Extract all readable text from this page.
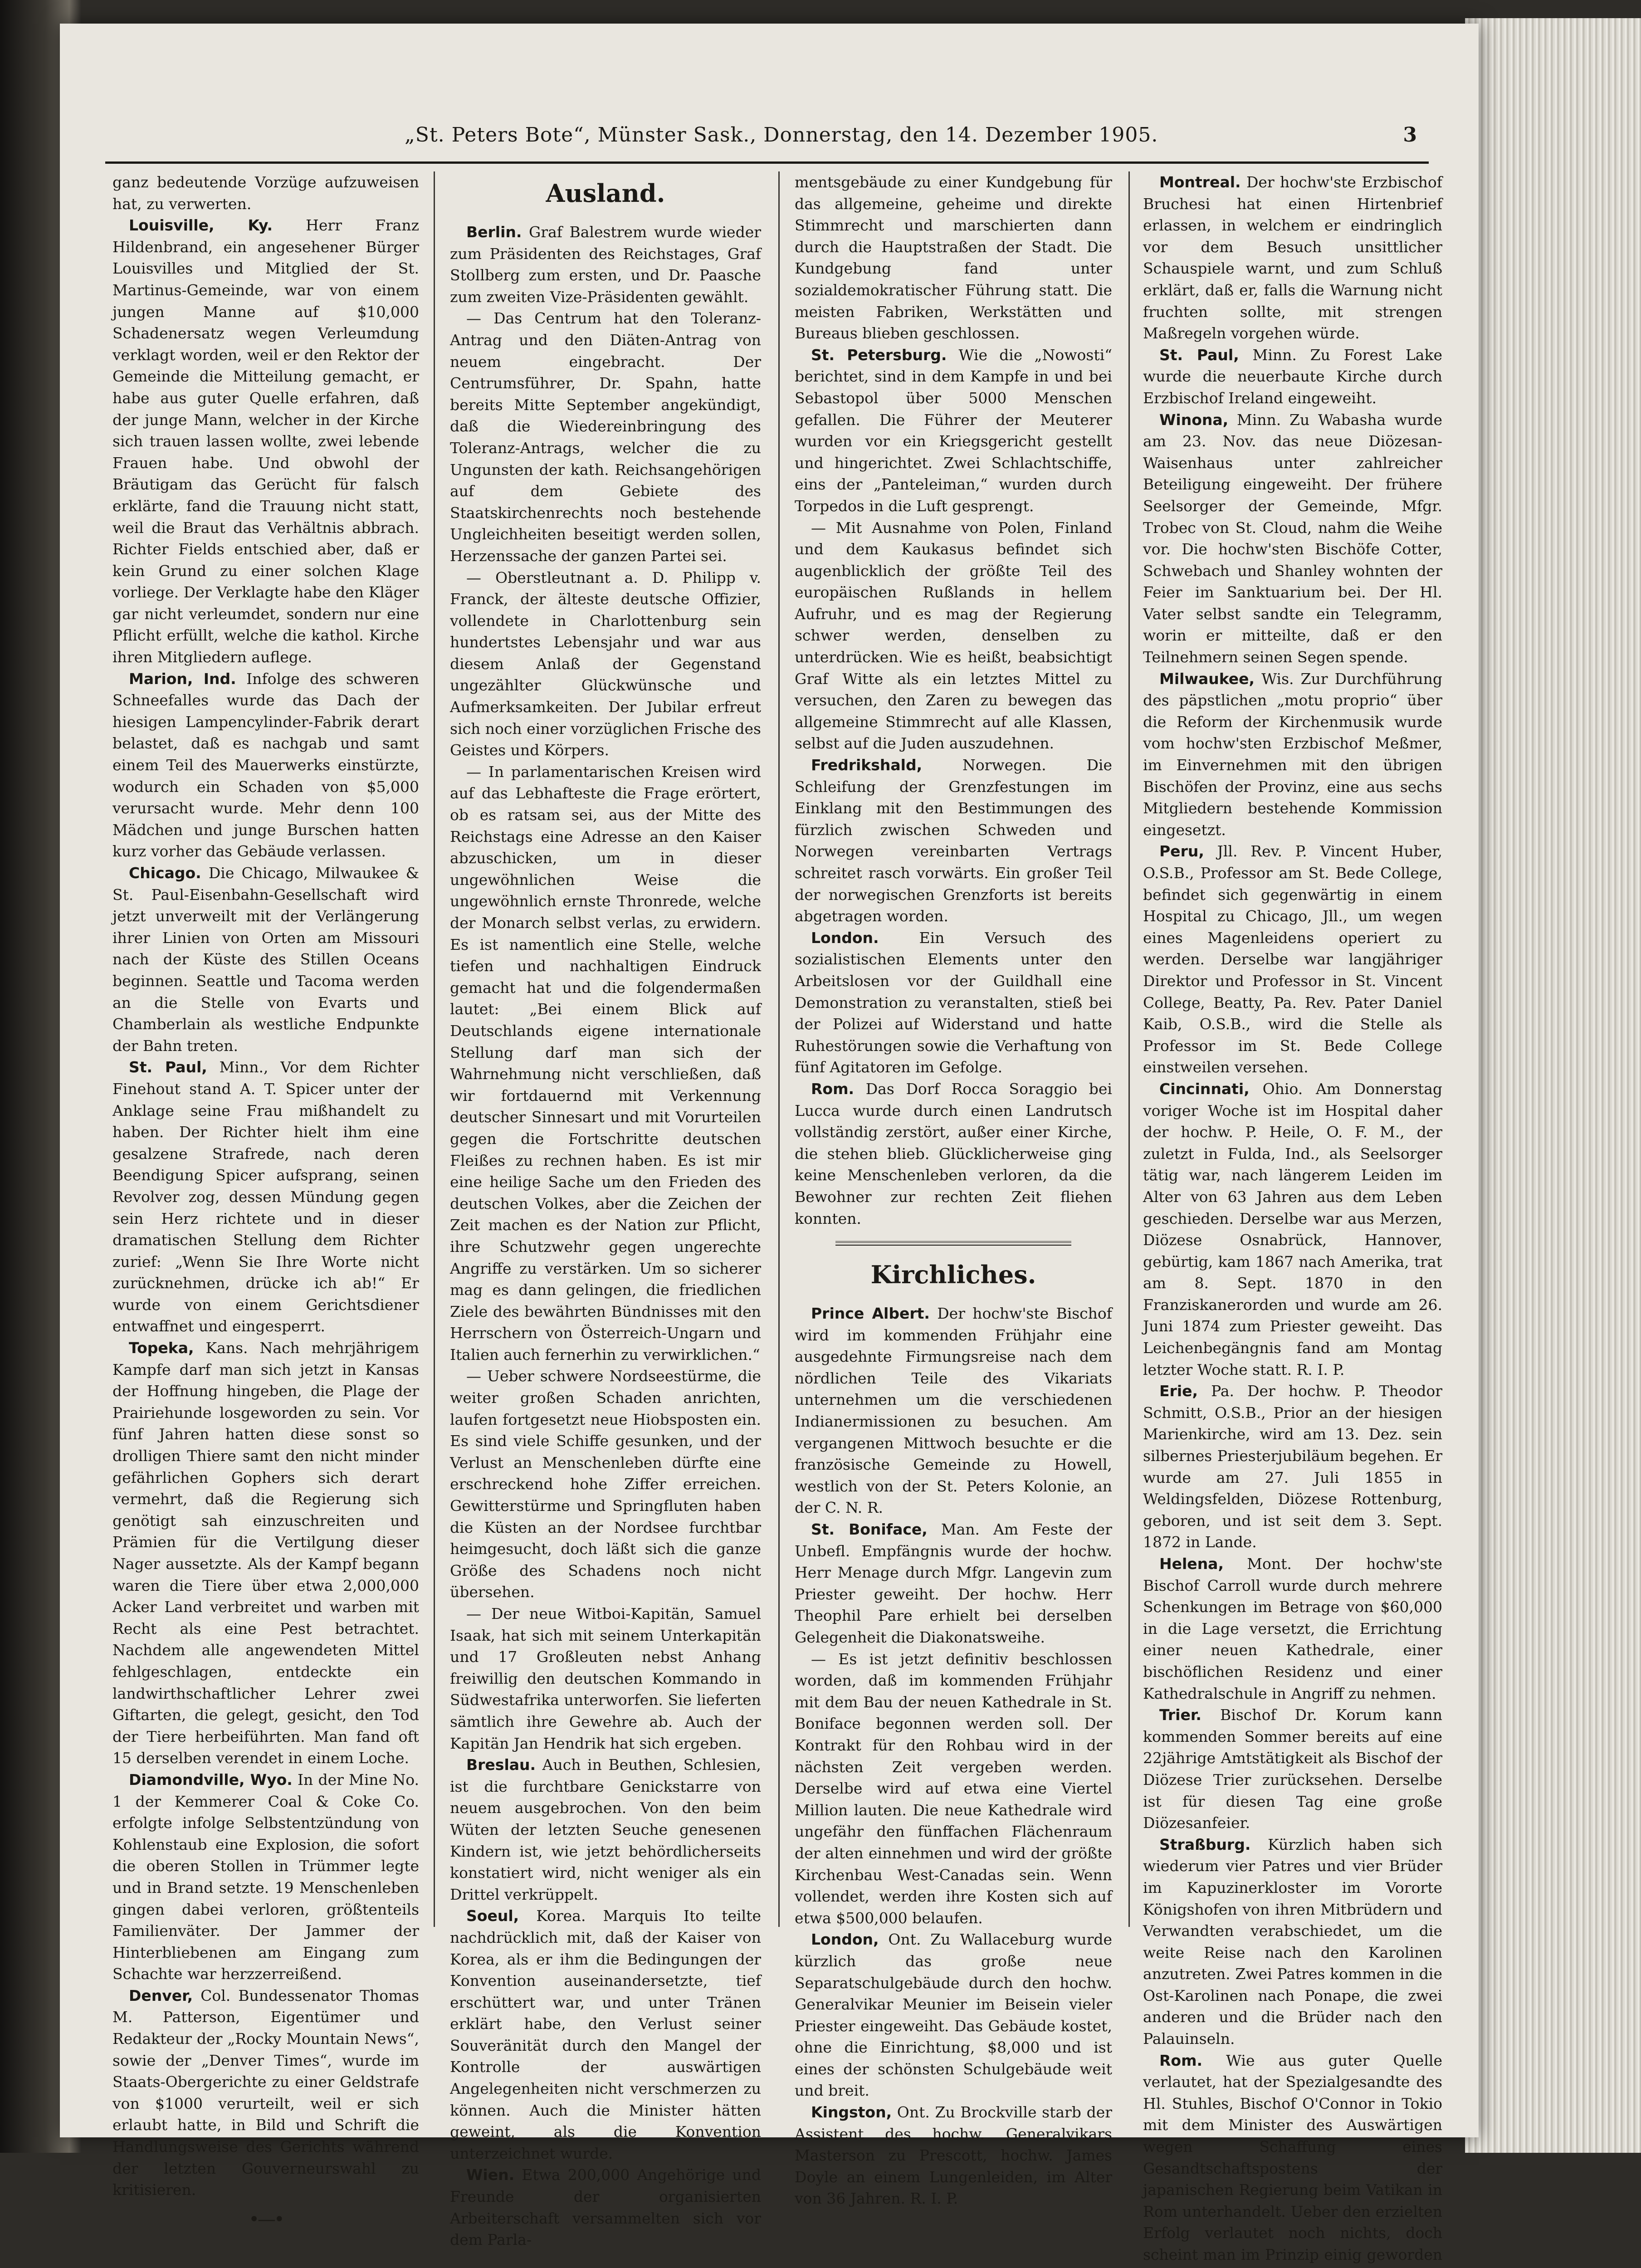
„St. Peters Bote“, Münster Sask., Donnerstag, den 14. Dezember 1905.	3

ganz bedeutende Vorzüge aufzuweisen hat, zu verwerten.

Louisville, Ky. Herr Franz Hildenbrand, ein angesehener Bürger Louisvilles und Mitglied der St. Martinus-Gemeinde, war von einem jungen Manne auf $10,000 Schadenersatz wegen Verleumdung verklagt worden, weil er den Rektor der Gemeinde die Mitteilung gemacht, er habe aus guter Quelle erfahren, daß der junge Mann, welcher in der Kirche sich trauen lassen wollte, zwei lebende Frauen habe. Und obwohl der Bräutigam das Gerücht für falsch erklärte, fand die Trauung nicht statt, weil die Braut das Verhältnis abbrach. Richter Fields entschied aber, daß er kein Grund zu einer solchen Klage vorliege. Der Verklagte habe den Kläger gar nicht verleumdet, sondern nur eine Pflicht erfüllt, welche die kathol. Kirche ihren Mitgliedern auflege.

Marion, Ind. Infolge des schweren Schneefalles wurde das Dach der hiesigen Lampencylinder-Fabrik derart belastet, daß es nachgab und samt einem Teil des Mauerwerks einstürzte, wodurch ein Schaden von $5,000 verursacht wurde. Mehr denn 100 Mädchen und junge Burschen hatten kurz vorher das Gebäude verlassen.

Chicago. Die Chicago, Milwaukee & St. Paul-Eisenbahn-Gesellschaft wird jetzt unverweilt mit der Verlängerung ihrer Linien von Orten am Missouri nach der Küste des Stillen Oceans beginnen. Seattle und Tacoma werden an die Stelle von Evarts und Chamberlain als westliche Endpunkte der Bahn treten.

St. Paul, Minn., Vor dem Richter Finehout stand A. T. Spicer unter der Anklage seine Frau mißhandelt zu haben. Der Richter hielt ihm eine gesalzene Strafrede, nach deren Beendigung Spicer aufsprang, seinen Revolver zog, dessen Mündung gegen sein Herz richtete und in dieser dramatischen Stellung dem Richter zurief: „Wenn Sie Ihre Worte nicht zurücknehmen, drücke ich ab!“ Er wurde von einem Gerichtsdiener entwaffnet und eingesperrt.

Topeka, Kans. Nach mehrjährigem Kampfe darf man sich jetzt in Kansas der Hoffnung hingeben, die Plage der Prairiehunde losgeworden zu sein. Vor fünf Jahren hatten diese sonst so drolligen Thiere samt den nicht minder gefährlichen Gophers sich derart vermehrt, daß die Regierung sich genötigt sah einzuschreiten und Prämien für die Vertilgung dieser Nager aussetzte. Als der Kampf begann waren die Tiere über etwa 2,000,000 Acker Land verbreitet und warben mit Recht als eine Pest betrachtet. Nachdem alle angewendeten Mittel fehlgeschlagen, entdeckte ein landwirthschaftlicher Lehrer zwei Giftarten, die gelegt, gesicht, den Tod der Tiere herbeiführten. Man fand oft 15 derselben verendet in einem Loche.

Diamondville, Wyo. In der Mine No. 1 der Kemmerer Coal & Coke Co. erfolgte infolge Selbstentzündung von Kohlenstaub eine Explosion, die sofort die oberen Stollen in Trümmer legte und in Brand setzte. 19 Menschenleben gingen dabei verloren, größtenteils Familienväter. Der Jammer der Hinterbliebenen am Eingang zum Schachte war herzzerreißend.

Denver, Col. Bundessenator Thomas M. Patterson, Eigentümer und Redakteur der „Rocky Mountain News“, sowie der „Denver Times“, wurde im Staats-Obergerichte zu einer Geldstrafe von $1000 verurteilt, weil er sich erlaubt hatte, in Bild und Schrift die Handlungsweise des Gerichts während der letzten Gouverneurswahl zu kritisieren.

•—•
Ausland.

Berlin. Graf Balestrem wurde wieder zum Präsidenten des Reichstages, Graf Stollberg zum ersten, und Dr. Paasche zum zweiten Vize-Präsidenten gewählt.

— Das Centrum hat den Toleranz-Antrag und den Diäten-Antrag von neuem eingebracht. Der Centrumsführer, Dr. Spahn, hatte bereits Mitte September angekündigt, daß die Wiedereinbringung des Toleranz-Antrags, welcher die zu Ungunsten der kath. Reichsangehörigen auf dem Gebiete des Staatskirchenrechts noch bestehende Ungleichheiten beseitigt werden sollen, Herzenssache der ganzen Partei sei.

— Oberstleutnant a. D. Philipp v. Franck, der älteste deutsche Offizier, vollendete in Charlottenburg sein hundertstes Lebensjahr und war aus diesem Anlaß der Gegenstand ungezählter Glückwünsche und Aufmerksamkeiten. Der Jubilar erfreut sich noch einer vorzüglichen Frische des Geistes und Körpers.

— In parlamentarischen Kreisen wird auf das Lebhafteste die Frage erörtert, ob es ratsam sei, aus der Mitte des Reichstags eine Adresse an den Kaiser abzuschicken, um in dieser ungewöhnlichen Weise die ungewöhnlich ernste Thronrede, welche der Monarch selbst verlas, zu erwidern. Es ist namentlich eine Stelle, welche tiefen und nachhaltigen Eindruck gemacht hat und die folgendermaßen lautet: „Bei einem Blick auf Deutschlands eigene internationale Stellung darf man sich der Wahrnehmung nicht verschließen, daß wir fortdauernd mit Verkennung deutscher Sinnesart und mit Vorurteilen gegen die Fortschritte deutschen Fleißes zu rechnen haben. Es ist mir eine heilige Sache um den Frieden des deutschen Volkes, aber die Zeichen der Zeit machen es der Nation zur Pflicht, ihre Schutzwehr gegen ungerechte Angriffe zu verstärken. Um so sicherer mag es dann gelingen, die friedlichen Ziele des bewährten Bündnisses mit den Herrschern von Österreich-Ungarn und Italien auch fernerhin zu verwirklichen.“

— Ueber schwere Nordseestürme, die weiter großen Schaden anrichten, laufen fortgesetzt neue Hiobsposten ein. Es sind viele Schiffe gesunken, und der Verlust an Menschenleben dürfte eine erschreckend hohe Ziffer erreichen. Gewitterstürme und Springfluten haben die Küsten an der Nordsee furchtbar heimgesucht, doch läßt sich die ganze Größe des Schadens noch nicht übersehen.

— Der neue Witboi-Kapitän, Samuel Isaak, hat sich mit seinem Unterkapitän und 17 Großleuten nebst Anhang freiwillig den deutschen Kommando in Südwestafrika unterworfen. Sie lieferten sämtlich ihre Gewehre ab. Auch der Kapitän Jan Hendrik hat sich ergeben.

Breslau. Auch in Beuthen, Schlesien, ist die furchtbare Genickstarre von neuem ausgebrochen. Von den beim Wüten der letzten Seuche genesenen Kindern ist, wie jetzt behördlicherseits konstatiert wird, nicht weniger als ein Drittel verkrüppelt.

Soeul, Korea. Marquis Ito teilte nachdrücklich mit, daß der Kaiser von Korea, als er ihm die Bedingungen der Konvention auseinandersetzte, tief erschüttert war, und unter Tränen erklärt habe, den Verlust seiner Souveränität durch den Mangel der Kontrolle der auswärtigen Angelegenheiten nicht verschmerzen zu können. Auch die Minister hätten geweint, als die Konvention unterzeichnet wurde.

Wien. Etwa 200,000 Angehörige und Freunde der organisierten Arbeiterschaft versammelten sich vor dem Parla-

mentsgebäude zu einer Kundgebung für das allgemeine, geheime und direkte Stimmrecht und marschierten dann durch die Hauptstraßen der Stadt. Die Kundgebung fand unter sozialdemokratischer Führung statt. Die meisten Fabriken, Werkstätten und Bureaus blieben geschlossen.

St. Petersburg. Wie die „Nowosti“ berichtet, sind in dem Kampfe in und bei Sebastopol über 5000 Menschen gefallen. Die Führer der Meuterer wurden vor ein Kriegsgericht gestellt und hingerichtet. Zwei Schlachtschiffe, eins der „Panteleiman,“ wurden durch Torpedos in die Luft gesprengt.

— Mit Ausnahme von Polen, Finland und dem Kaukasus befindet sich augenblicklich der größte Teil des europäischen Rußlands in hellem Aufruhr, und es mag der Regierung schwer werden, denselben zu unterdrücken. Wie es heißt, beabsichtigt Graf Witte als ein letztes Mittel zu versuchen, den Zaren zu bewegen das allgemeine Stimmrecht auf alle Klassen, selbst auf die Juden auszudehnen.

Fredrikshald,	Norwegen. Die Schleifung der Grenzfestungen im Einklang mit den Bestimmungen des fürzlich zwischen Schweden und Norwegen vereinbarten Vertrags schreitet rasch vorwärts. Ein großer Teil der norwegischen Grenzforts ist bereits abgetragen worden.

London.	Ein Versuch des sozialistischen Elements unter den Arbeitslosen vor der Guildhall eine Demonstration zu veranstalten, stieß bei der Polizei auf Widerstand und hatte Ruhestörungen sowie die Verhaftung von fünf Agitatoren im Gefolge.

Rom. Das Dorf Rocca Soraggio bei Lucca wurde durch einen Landrutsch vollständig zerstört, außer einer Kirche, die stehen blieb. Glücklicherweise ging keine Menschenleben verloren, da die Bewohner zur rechten Zeit fliehen konnten.

Kirchliches.

Prince Albert. Der hochw'ste Bischof wird im kommenden Frühjahr eine ausgedehnte Firmungsreise nach dem nördlichen Teile des Vikariats unternehmen um die verschiedenen Indianermissionen zu besuchen. Am vergangenen Mittwoch besuchte er die französische Gemeinde zu Howell, westlich von der St. Peters Kolonie, an der C. N. R.

St. Boniface, Man. Am Feste der Unbefl. Empfängnis wurde der hochw. Herr Menage durch Mfgr. Langevin zum Priester geweiht. Der hochw. Herr Theophil Pare erhielt bei derselben Gelegenheit die Diakonatsweihe.

— Es ist jetzt definitiv beschlossen worden, daß im kommenden Frühjahr mit dem Bau der neuen Kathedrale in St. Boniface begonnen werden soll. Der Kontrakt für den Rohbau wird in der nächsten Zeit vergeben werden. Derselbe wird auf etwa eine Viertel Million lauten. Die neue Kathedrale wird ungefähr den fünffachen Flächenraum der alten einnehmen und wird der größte Kirchenbau West-Canadas sein. Wenn vollendet, werden ihre Kosten sich auf etwa $500,000 belaufen.

London, Ont. Zu Wallaceburg wurde kürzlich das große neue Separatschulgebäude durch den hochw. Generalvikar Meunier im Beisein vieler Priester eingeweiht. Das Gebäude kostet, ohne die Einrichtung, $8,000 und ist eines der schönsten Schulgebäude weit und breit.

Kingston, Ont. Zu Brockville starb der Assistent des hochw. Generalvikars Masterson zu Prescott, hochw. James Doyle an einem Lungenleiden, im Alter von 36 Jahren. R. I. P.

Montreal. Der hochw'ste Erzbischof Bruchesi hat einen Hirtenbrief erlassen, in welchem er eindringlich vor dem Besuch unsittlicher Schauspiele warnt, und zum Schluß erklärt, daß er, falls die Warnung nicht fruchten sollte, mit strengen Maßregeln vorgehen würde.

St. Paul, Minn. Zu Forest Lake wurde die neuerbaute Kirche durch Erzbischof Ireland eingeweiht.

Winona, Minn. Zu Wabasha wurde am 23. Nov. das neue Diözesan-Waisenhaus unter zahlreicher Beteiligung eingeweiht. Der frühere Seelsorger der Gemeinde, Mfgr. Trobec von St. Cloud, nahm die Weihe vor. Die hochw'sten Bischöfe Cotter, Schwebach und Shanley wohnten der Feier im Sanktuarium bei. Der Hl. Vater selbst sandte ein Telegramm, worin er mitteilte, daß er den Teilnehmern seinen Segen spende.

Milwaukee, Wis. Zur Durchführung des päpstlichen „motu proprio“ über die Reform der Kirchenmusik wurde vom hochw'sten Erzbischof Meßmer, im Einvernehmen mit den übrigen Bischöfen der Provinz, eine aus sechs Mitgliedern bestehende Kommission eingesetzt.

Peru, Jll. Rev. P. Vincent Huber, O.S.B., Professor am St. Bede College, befindet sich gegenwärtig in einem Hospital zu Chicago, Jll., um wegen eines Magenleidens operiert zu werden. Derselbe war langjähriger Direktor und Professor in St. Vincent College, Beatty, Pa. Rev. Pater Daniel Kaib, O.S.B., wird die Stelle als Professor im St. Bede College einstweilen versehen.

Cincinnati, Ohio. Am Donnerstag voriger Woche ist im Hospital daher der hochw. P. Heile, O. F. M., der zuletzt in Fulda, Ind., als Seelsorger tätig war, nach längerem Leiden im Alter von 63 Jahren aus dem Leben geschieden. Derselbe war aus Merzen, Diözese Osnabrück, Hannover, gebürtig, kam 1867 nach Amerika, trat am 8. Sept. 1870 in den Franziskanerorden und wurde am 26. Juni 1874 zum Priester geweiht. Das Leichenbegängnis fand am Montag letzter Woche statt. R. I. P.

Erie, Pa. Der hochw. P. Theodor Schmitt, O.S.B., Prior an der hiesigen Marienkirche, wird am 13. Dez. sein silbernes Priesterjubiläum begehen. Er wurde am 27. Juli 1855 in Weldingsfelden, Diözese Rottenburg, geboren, und ist seit dem 3. Sept. 1872 in Lande.

Helena, Mont. Der hochw'ste Bischof Carroll wurde durch mehrere Schenkungen im Betrage von $60,000 in die Lage versetzt, die Errichtung einer neuen Kathedrale, einer bischöflichen Residenz und einer Kathedralschule in Angriff zu nehmen.

Trier. Bischof Dr. Korum kann kommenden Sommer bereits auf eine 22jährige Amtstätigkeit als Bischof der Diözese Trier zurücksehen. Derselbe ist für diesen Tag eine große Diözesanfeier.

Straßburg. Kürzlich haben sich wiederum vier Patres und vier Brüder im Kapuzinerkloster im Vororte Königshofen von ihren Mitbrüdern und Verwandten verabschiedet, um die weite Reise nach den Karolinen anzutreten. Zwei Patres kommen in die Ost-Karolinen nach Ponape, die zwei anderen und die Brüder nach den Palauinseln.

Rom. Wie aus guter Quelle verlautet, hat der Spezialgesandte des Hl. Stuhles, Bischof O'Connor in Tokio mit dem Minister des Auswärtigen wegen Schaffung eines Gesandtschaftspostens der japanischen Regierung beim Vatikan in Rom unterhandelt. Ueber den erzielten Erfolg verlautet noch nichts, doch scheint man im Prinzip einig geworden
